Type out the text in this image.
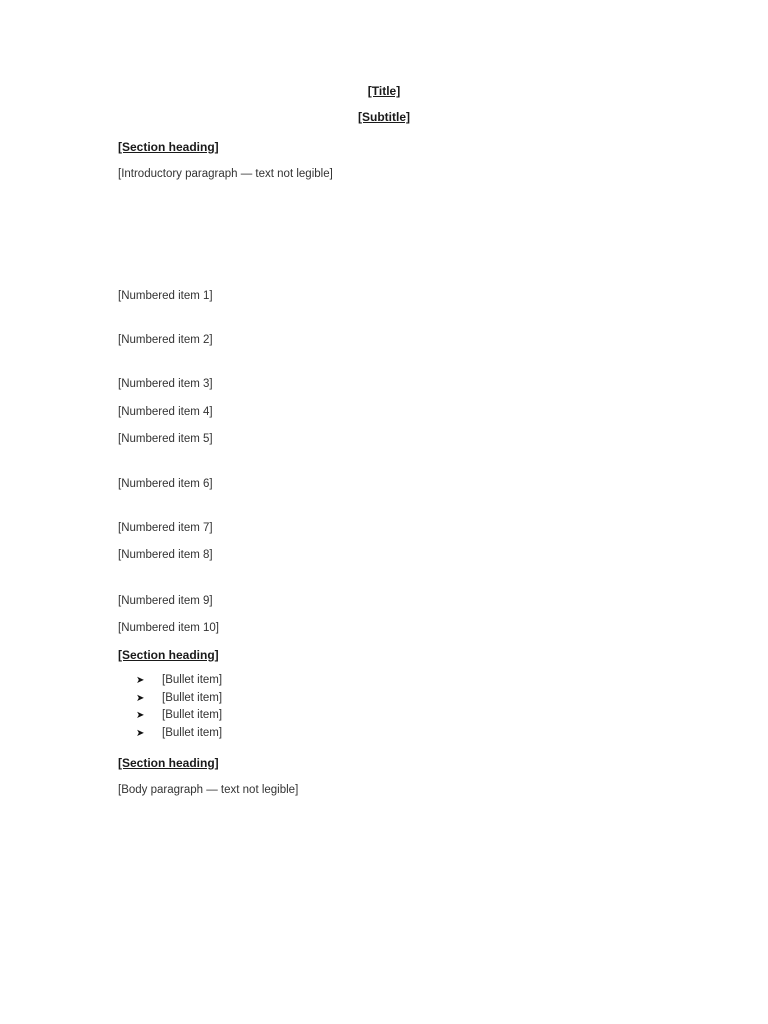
[Title]
[Subtitle]
[Section heading]
[Introductory paragraph — text not legible]
[Numbered item 1]
[Numbered item 2]
[Numbered item 3]
[Numbered item 4]
[Numbered item 5]
[Numbered item 6]
[Numbered item 7]
[Numbered item 8]
[Numbered item 9]
[Numbered item 10]
[Section heading]
➤	[Bullet item]
➤	[Bullet item]
➤	[Bullet item]
➤	[Bullet item]
[Section heading]
[Body paragraph — text not legible]
